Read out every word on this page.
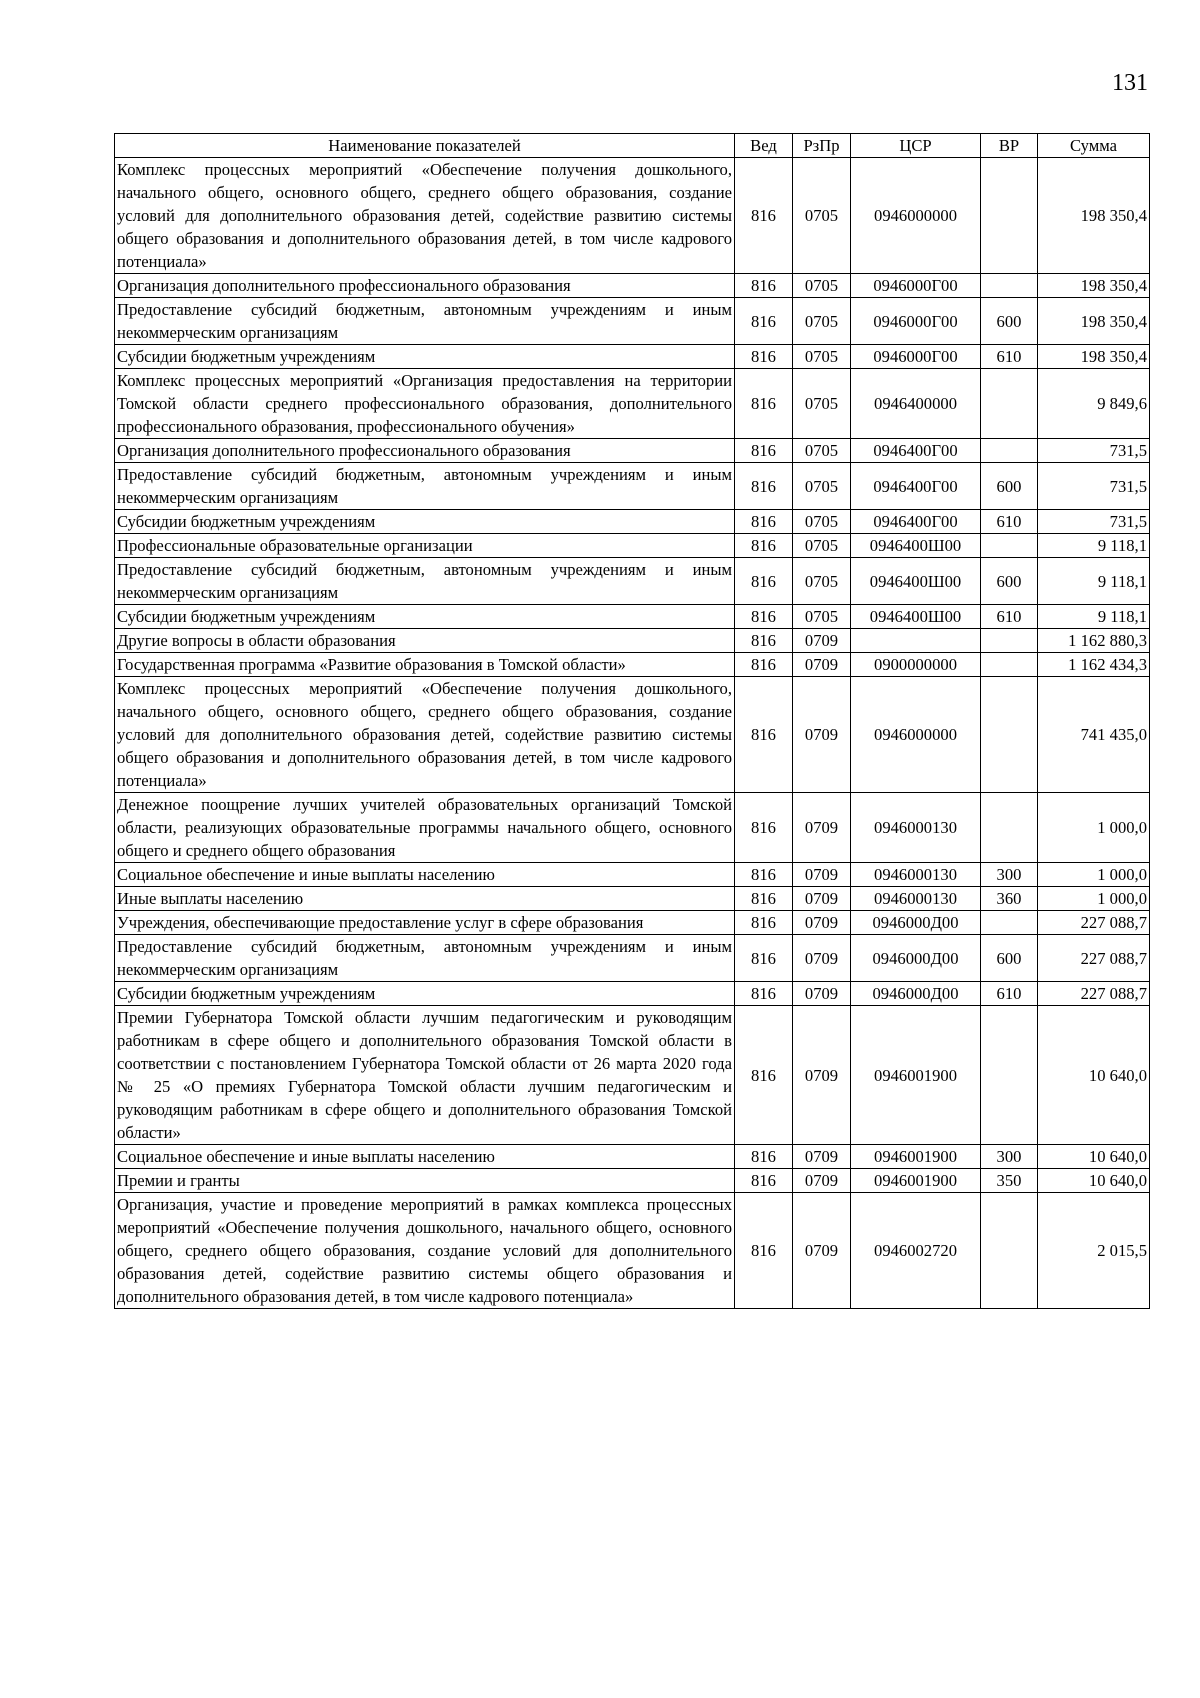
131
Наименование показателей	Вед	РзПр	ЦСР	ВР	Сумма
Комплекс процессных мероприятий «Обеспечение получения дошкольного, начального общего, основного общего, среднего общего образования, создание условий для дополнительного образования детей, содействие развитию системы общего образования и дополнительного образования детей, в том числе кадрового потенциала»	816	0705	0946000000		198 350,4
Организация дополнительного профессионального образования	816	0705	0946000Г00		198 350,4
Предоставление субсидий бюджетным, автономным учреждениям и иным некоммерческим организациям	816	0705	0946000Г00	600	198 350,4
Субсидии бюджетным учреждениям	816	0705	0946000Г00	610	198 350,4
Комплекс процессных мероприятий «Организация предоставления на территории Томской области среднего профессионального образования, дополнительного профессионального образования, профессионального обучения»	816	0705	0946400000		9 849,6
Организация дополнительного профессионального образования	816	0705	0946400Г00		731,5
Предоставление субсидий бюджетным, автономным учреждениям и иным некоммерческим организациям	816	0705	0946400Г00	600	731,5
Субсидии бюджетным учреждениям	816	0705	0946400Г00	610	731,5
Профессиональные образовательные организации	816	0705	0946400Ш00		9 118,1
Предоставление субсидий бюджетным, автономным учреждениям и иным некоммерческим организациям	816	0705	0946400Ш00	600	9 118,1
Субсидии бюджетным учреждениям	816	0705	0946400Ш00	610	9 118,1
Другие вопросы в области образования	816	0709			1 162 880,3
Государственная программа «Развитие образования в Томской области»	816	0709	0900000000		1 162 434,3
Комплекс процессных мероприятий «Обеспечение получения дошкольного, начального общего, основного общего, среднего общего образования, создание условий для дополнительного образования детей, содействие развитию системы общего образования и дополнительного образования детей, в том числе кадрового потенциала»	816	0709	0946000000		741 435,0
Денежное поощрение лучших учителей образовательных организаций Томской области, реализующих образовательные программы начального общего, основного общего и среднего общего образования	816	0709	0946000130		1 000,0
Социальное обеспечение и иные выплаты населению	816	0709	0946000130	300	1 000,0
Иные выплаты населению	816	0709	0946000130	360	1 000,0
Учреждения, обеспечивающие предоставление услуг в сфере образования	816	0709	0946000Д00		227 088,7
Предоставление субсидий бюджетным, автономным учреждениям и иным некоммерческим организациям	816	0709	0946000Д00	600	227 088,7
Субсидии бюджетным учреждениям	816	0709	0946000Д00	610	227 088,7
Премии Губернатора Томской области лучшим педагогическим и руководящим работникам в сфере общего и дополнительного образования Томской области в соответствии с постановлением Губернатора Томской области от 26 марта 2020 года № 25 «О премиях Губернатора Томской области лучшим педагогическим и руководящим работникам в сфере общего и дополнительного образования Томской области»	816	0709	0946001900		10 640,0
Социальное обеспечение и иные выплаты населению	816	0709	0946001900	300	10 640,0
Премии и гранты	816	0709	0946001900	350	10 640,0
Организация, участие и проведение мероприятий в рамках комплекса процессных мероприятий «Обеспечение получения дошкольного, начального общего, основного общего, среднего общего образования, создание условий для дополнительного образования детей, содействие развитию системы общего образования и дополнительного образования детей, в том числе кадрового потенциала»	816	0709	0946002720		2 015,5
